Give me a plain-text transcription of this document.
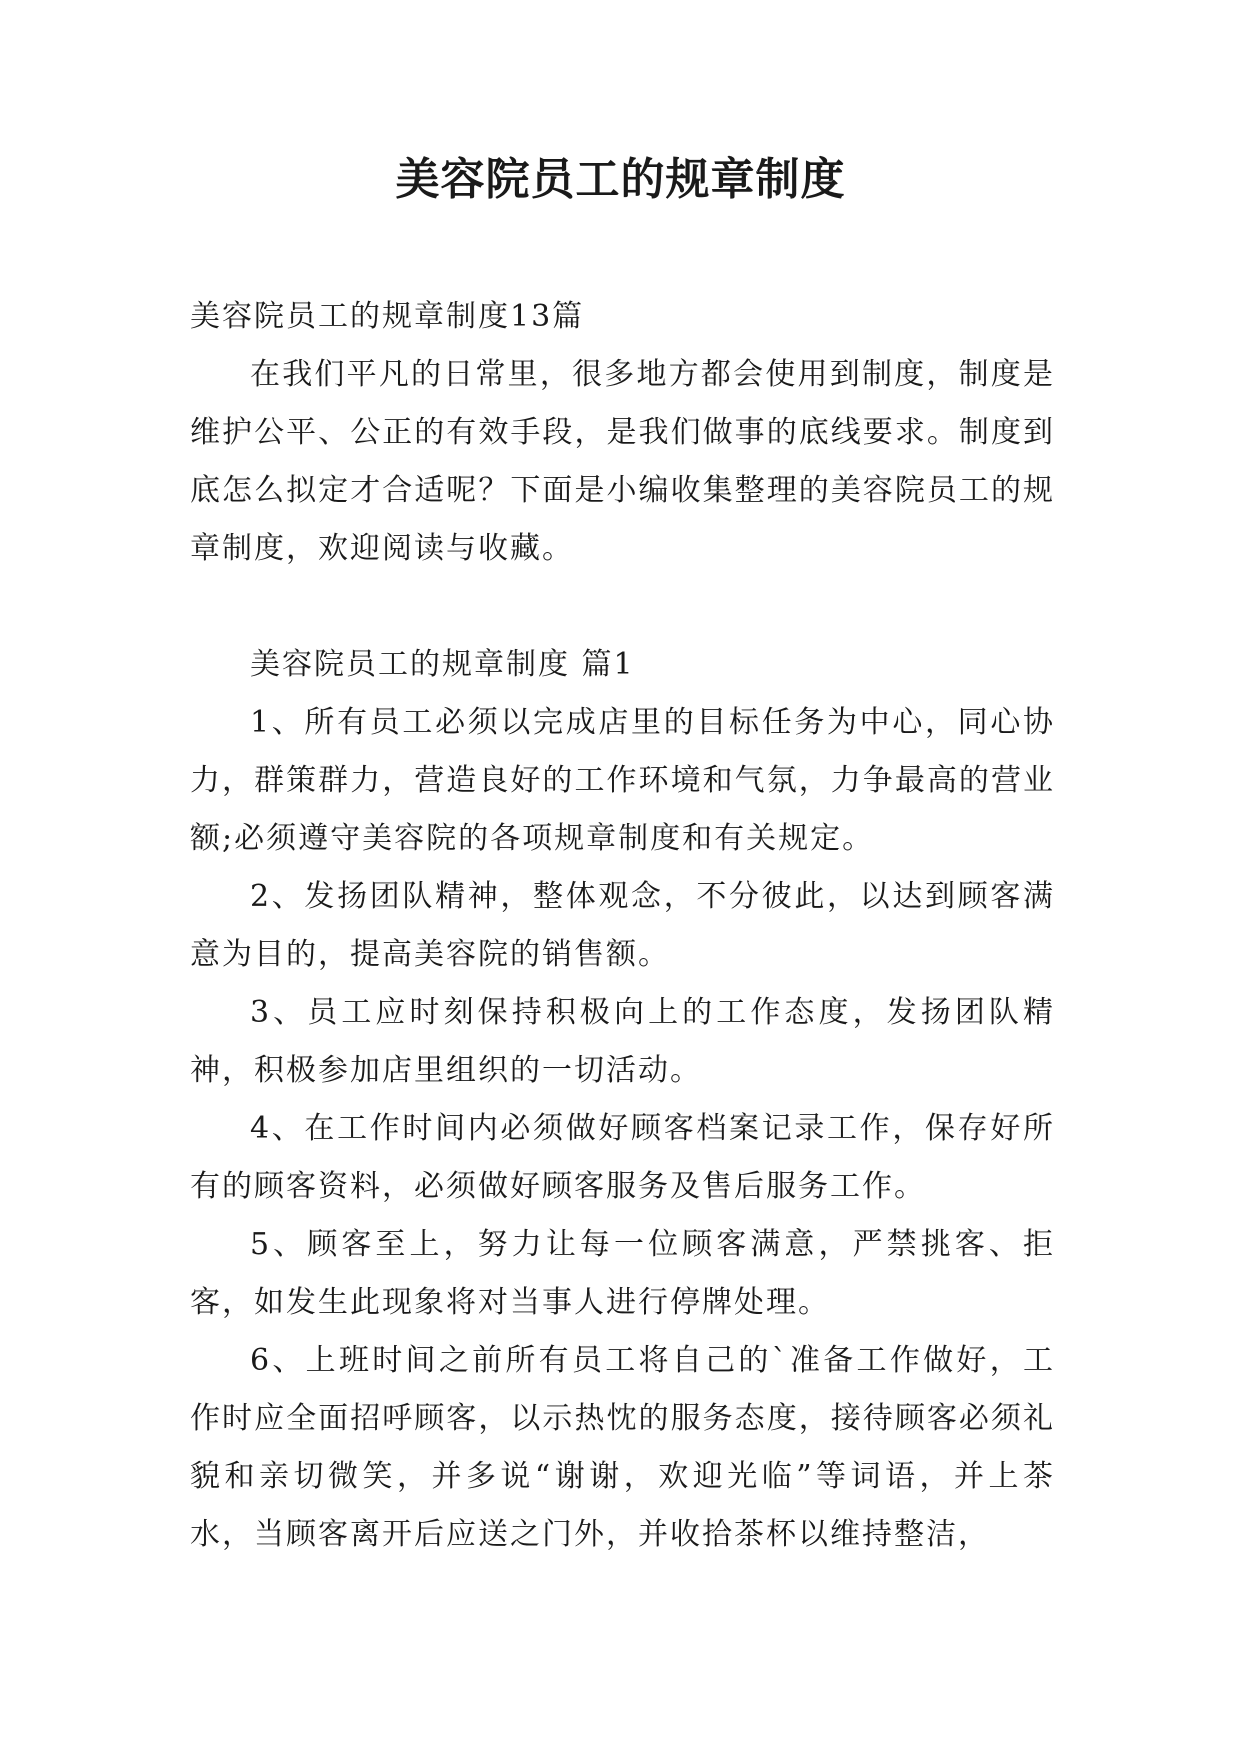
美容院员工的规章制度

美容院员工的规章制度13篇

在我们平凡的日常里，很多地方都会使用到制度，制度是维护公平、公正的有效手段，是我们做事的底线要求。制度到底怎么拟定才合适呢？下面是小编收集整理的美容院员工的规章制度，欢迎阅读与收藏。

美容院员工的规章制度 篇1

1、所有员工必须以完成店里的目标任务为中心，同心协力，群策群力，营造良好的工作环境和气氛，力争最高的营业额;必须遵守美容院的各项规章制度和有关规定。

2、发扬团队精神，整体观念，不分彼此，以达到顾客满意为目的，提高美容院的销售额。

3、员工应时刻保持积极向上的工作态度，发扬团队精神，积极参加店里组织的一切活动。

4、在工作时间内必须做好顾客档案记录工作，保存好所有的顾客资料，必须做好顾客服务及售后服务工作。

5、顾客至上，努力让每一位顾客满意，严禁挑客、拒客，如发生此现象将对当事人进行停牌处理。

6、上班时间之前所有员工将自己的`准备工作做好，工作时应全面招呼顾客，以示热忱的服务态度，接待顾客必须礼貌和亲切微笑，并多说“谢谢，欢迎光临”等词语，并上茶水，当顾客离开后应送之门外，并收拾茶杯以维持整洁，
